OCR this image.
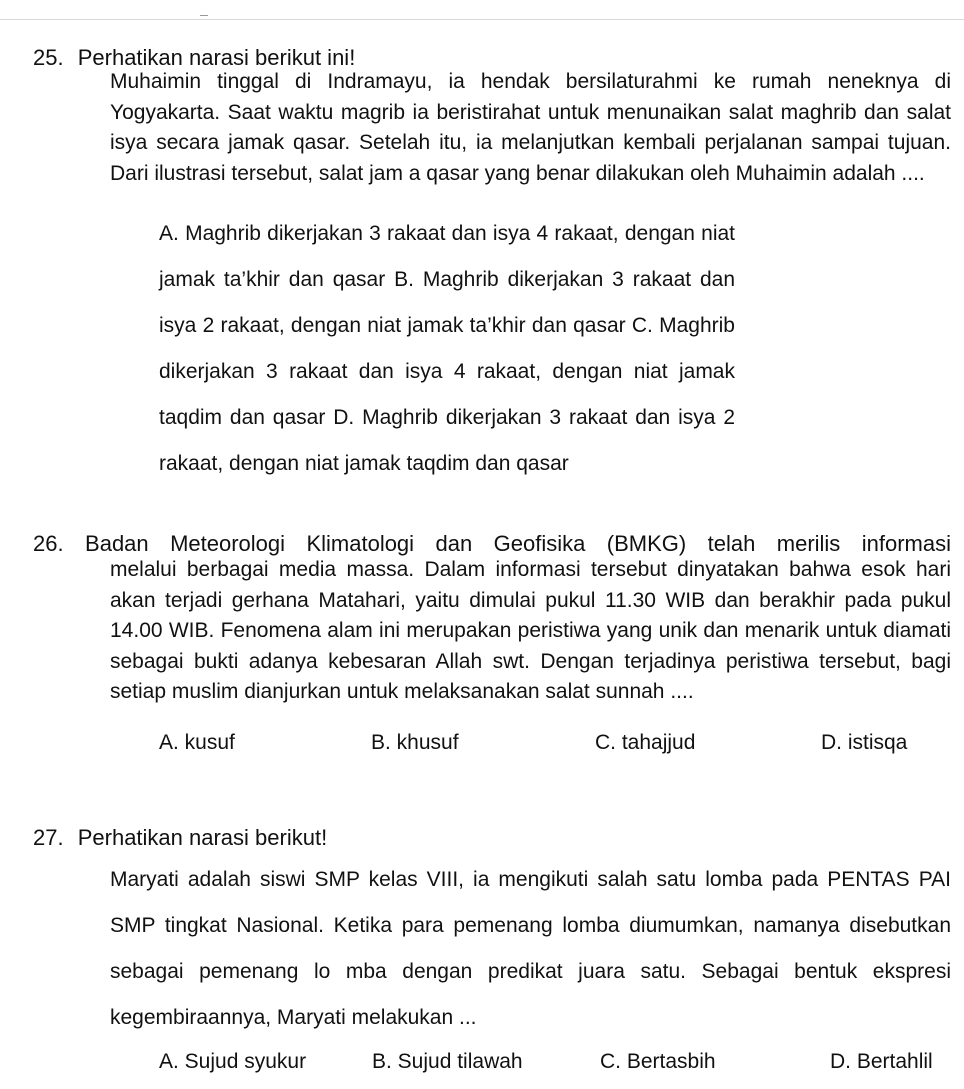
25. Perhatikan narasi berikut ini!
Muhaimin tinggal di Indramayu, ia hendak bersilaturahmi ke rumah neneknya di Yogyakarta. Saat waktu magrib ia beristirahat untuk menunaikan salat maghrib dan salat isya secara jamak qasar. Setelah itu, ia melanjutkan kembali perjalanan sampai tujuan. Dari ilustrasi tersebut, salat jam a qasar yang benar dilakukan oleh Muhaimin adalah ....
A. Maghrib dikerjakan 3 rakaat dan isya 4 rakaat, dengan niat jamak ta’khir dan qasar B. Maghrib dikerjakan 3 rakaat dan isya 2 rakaat, dengan niat jamak ta’khir dan qasar C. Maghrib dikerjakan 3 rakaat dan isya 4 rakaat, dengan niat jamak taqdim dan qasar D. Maghrib dikerjakan 3 rakaat dan isya 2 rakaat, dengan niat jamak taqdim dan qasar
26. Badan Meteorologi Klimatologi dan Geofisika (BMKG) telah merilis informasi
melalui berbagai media massa. Dalam informasi tersebut dinyatakan bahwa esok hari akan terjadi gerhana Matahari, yaitu dimulai pukul 11.30 WIB dan berakhir pada pukul 14.00 WIB. Fenomena alam ini merupakan peristiwa yang unik dan menarik untuk diamati sebagai bukti adanya kebesaran Allah swt. Dengan terjadinya peristiwa tersebut, bagi setiap muslim dianjurkan untuk melaksanakan salat sunnah ....
A. kusuf	B. khusuf	C. tahajjud	D. istisqa
27. Perhatikan narasi berikut!
Maryati adalah siswi SMP kelas VIII, ia mengikuti salah satu lomba pada PENTAS PAI SMP tingkat Nasional. Ketika para pemenang lomba diumumkan, namanya disebutkan sebagai pemenang lo mba dengan predikat juara satu. Sebagai bentuk ekspresi kegembiraannya, Maryati melakukan ...
A. Sujud syukur	B. Sujud tilawah	C. Bertasbih	D. Bertahlil
